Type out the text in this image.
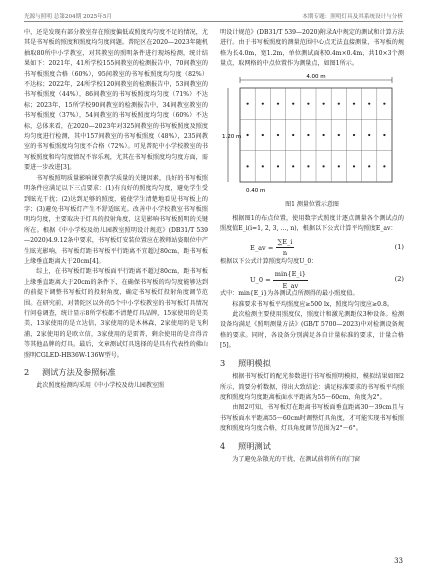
光源与照明 总第204期 2025年5月	本期专题：照明灯具及其系统设计与分析

中，还是发现有部分教室存在照度偏低或照度均匀度不足的情况，尤其是书写板的照度和照度均匀度问题。普陀区在2020—2023年随机抽取80所中小学教室，对其教室的照明条件进行现场检测，统计结果如下：2021年，41所学校155间教室的检测报告中，70间教室的书写板照度合格（60%），95间教室的书写板照度均匀度（82%）不达标；2022年，24所学校120间教室的检测报告中，53间教室的书写板照度（44%），86间教室的书写板照度均匀度（71%）不达标；2023年，15所学校90间教室的检测报告中，34间教室教室的书写板照度（37%），54间教室的书写板照度均匀度（60%）不达标，总体来看，在2020—2023年对325间教室的书写板照度及照度均匀度进行检测，其中157间教室的书写板照度（48%），235间教室的书写板照度均匀度不合格（72%）。可见普陀中小学校教室的书写板照度和均匀度情况不容乐观，尤其在书写板照度均匀度方面，需要进一步改进[3]。

书写板照明质量影响课堂教学质量的关键因素，良好的书写板照明条件应满足以下三点要求：(1)有良好的照度均匀度，避免学生受到眩光干扰；(2)达到足够的照度，能使学生清楚地看见书写板上的字；(3)避免书写板灯产生不舒适眩光。改善中小学校教室书写板照明均匀度，主要取决于灯具的投射角度，这是影响书写板照明的关键所在。根据《中小学校及幼儿园教室照明设计规范》(DB31/T 539—2020)4.9.12条中要求，书写板灯安装位置应在教师站姿眼位中产生眩光影响，书写板灯距书写板平行距离不宜超过80cm，距书写板上缘垂直距离大于20cm[4]。

综上，在书写板灯距书写板面平行距离不超过80cm，距书写板上缘垂直距离大于20cm的条件下，在确保书写板的均匀度能够达到的前提下调整书写板灯的投射角度，确定书写板灯投射角度调节范围。在研究前，对普陀区以外的5个中小学校教室的书写板灯具情况行问卷调查，统计显示8所学校都不清楚灯具品牌，15家使用的是美美，13家使用的是立达信，3家使用的是木林森，2家使用的是飞利浦，2家使用的是欧立信，3家使用的是雷普，剩余使用的是音得音等其他品牌的灯具。最后，文章测试灯具选择的是具有代表性的佛山照明CGLED-HB36W-136W型号。

2 测试方法及参照标准

此次照度检测均采用《中小学校及幼儿园教室照

明设计规范》(DB31/T 539—2020)附录A中规定的测试和计算方法进行。由于书写板照度的测量范围中心点无法直接测量，书写板的规格为长4.0m，宽1.2m，单位测试面积0.4m×0.4m，共10×3个测量点，取网格的中点位置作为测量点，如图1所示。

4.00 m
1.20 m
0.40 m
图1 测量位置示意图

根据图1的布点位置，使用数字式照度计逐点测量各个测试点的照度值E_i(i=1, 2, 3, …, n)，根据以下公式计算平均照度E_av：

E_av = $\frac{\sum E\_i}{n}$	(1)

根据以下公式计算照度均匀度U_0：

U_0 = $\frac{\min\{E\_i\}}{E\_av}$	(2)

式中：min{E_i}为各测试点所测得的最小照度值。

标准要求书写板平均照度应≥500 lx，照度均匀度应≥0.8。

此次检测主要使用照度仪，照度计和激光测距仪3种设备。检测设备均满足《照明测量方法》(GB/T 5700—2023)中对检测设备规格的要求。同时，各设备分别满足各自计量标准的要求，计量合格[5]。

3 照明模拟

根据书写板灯的配光参数进行书写板照明模拟，模拟结果如图2所示，简要分析数据，得出大致结论：满足标准要求的书写板平均照度和照度均匀度距离板面水平距离为55～60cm，角度为2°。

由图2可知，书写板灯在距离书写板面垂直距离30～39cm且与书写板面水平距离55～60cm时调整灯具角度，才可能实现书写板照度和照度均匀度合格，灯具角度调节范围为2°～6°。

4 照明测试

为了避免杂散光的干扰，在测试前将所有的门窗

33
